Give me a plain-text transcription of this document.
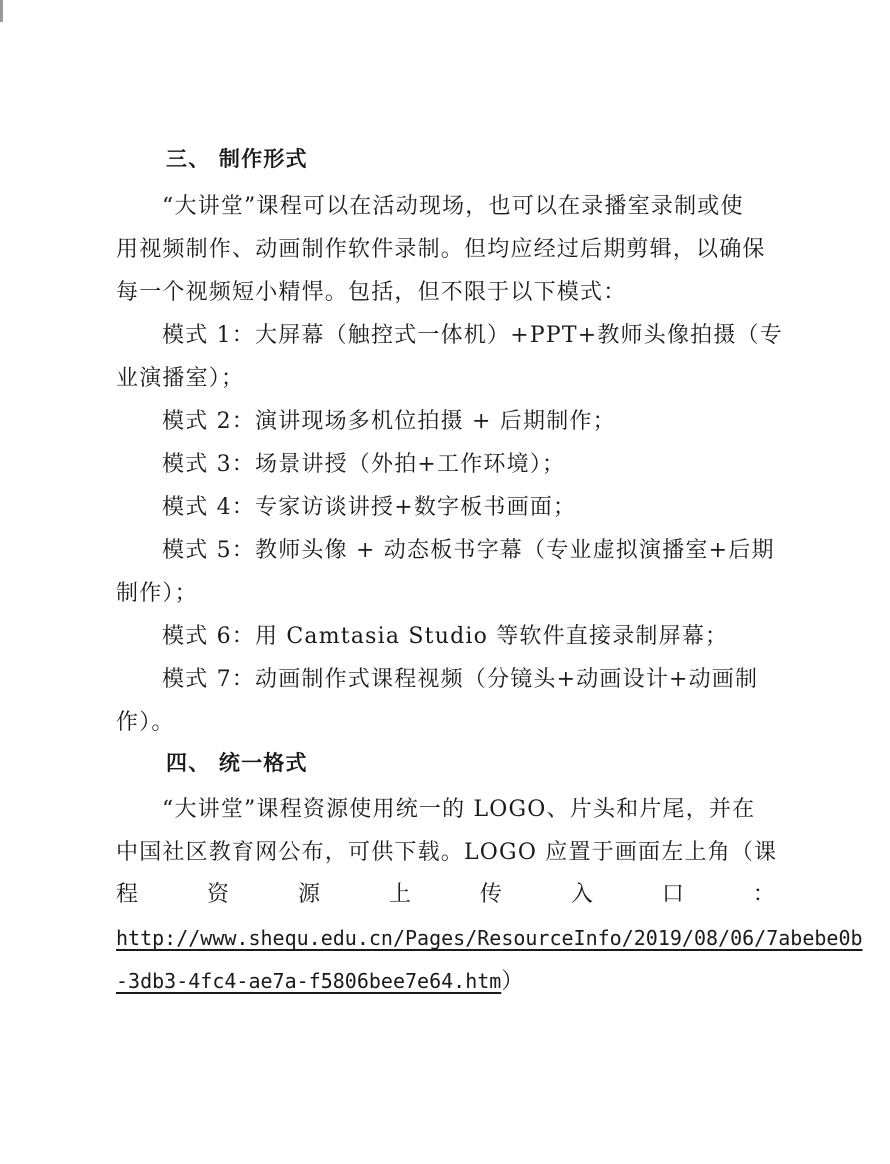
三、 制作形式
“大讲堂”课程可以在活动现场，也可以在录播室录制或使
用视频制作、动画制作软件录制。但均应经过后期剪辑，以确保
每一个视频短小精悍。包括，但不限于以下模式：
模式 1：大屏幕（触控式一体机）+PPT+教师头像拍摄（专
业演播室）；
模式 2：演讲现场多机位拍摄 + 后期制作；
模式 3：场景讲授（外拍+工作环境）；
模式 4：专家访谈讲授+数字板书画面；
模式 5：教师头像 + 动态板书字幕（专业虚拟演播室+后期
制作）；
模式 6：用 Camtasia Studio 等软件直接录制屏幕；
模式 7：动画制作式课程视频（分镜头+动画设计+动画制
作）。
四、 统一格式
“大讲堂”课程资源使用统一的 LOGO、片头和片尾，并在
中国社区教育网公布，可供下载。LOGO 应置于画面左上角（课
程	资	源	上	传	入	口	：
http://www.shequ.edu.cn/Pages/ResourceInfo/2019/08/06/7abebe0b
-3db3-4fc4-ae7a-f5806bee7e64.htm）
